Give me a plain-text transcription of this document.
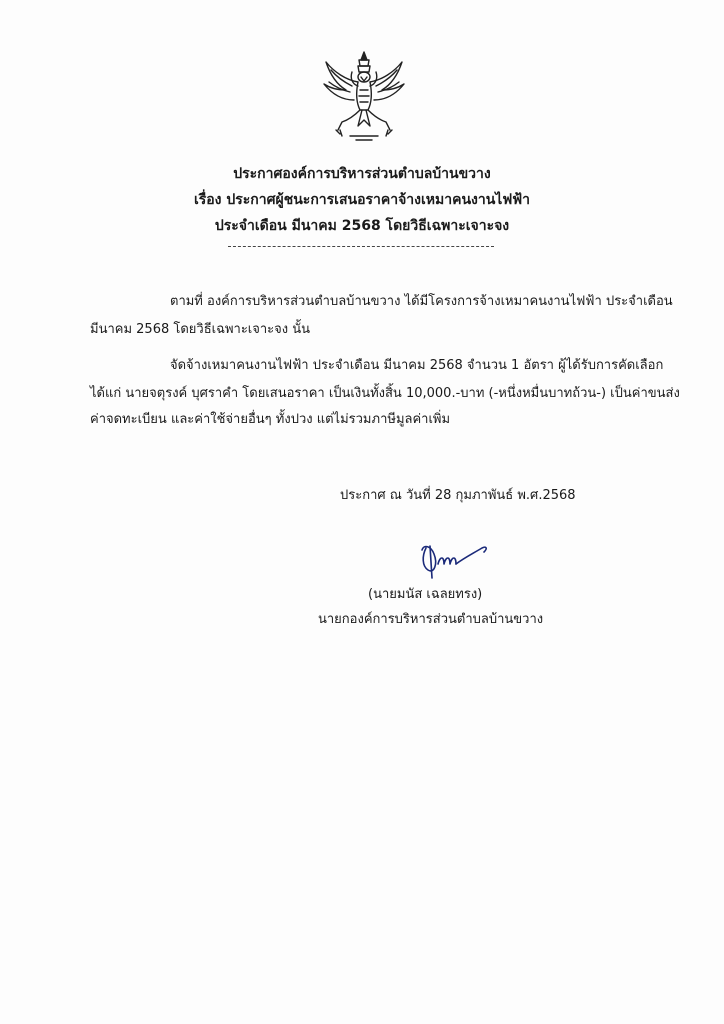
ประกาศองค์การบริหารส่วนตำบลบ้านขวาง
เรื่อง ประกาศผู้ชนะการเสนอราคาจ้างเหมาคนงานไฟฟ้า
ประจำเดือน มีนาคม 2568 โดยวิธีเฉพาะเจาะจง
ตามที่ องค์การบริหารส่วนตำบลบ้านขวาง ได้มีโครงการจ้างเหมาคนงานไฟฟ้า ประจำเดือน
มีนาคม 2568 โดยวิธีเฉพาะเจาะจง นั้น
จัดจ้างเหมาคนงานไฟฟ้า ประจำเดือน มีนาคม 2568 จำนวน 1 อัตรา ผู้ได้รับการคัดเลือก
ได้แก่ นายจตุรงค์ บุศราคำ โดยเสนอราคา เป็นเงินทั้งสิ้น 10,000.-บาท (-หนึ่งหมื่นบาทถ้วน-) เป็นค่าขนส่ง
ค่าจดทะเบียน และค่าใช้จ่ายอื่นๆ ทั้งปวง แต่ไม่รวมภาษีมูลค่าเพิ่ม
ประกาศ ณ วันที่ 28 กุมภาพันธ์ พ.ศ.2568
(นายมนัส เฉลยทรง)
นายกองค์การบริหารส่วนตำบลบ้านขวาง
